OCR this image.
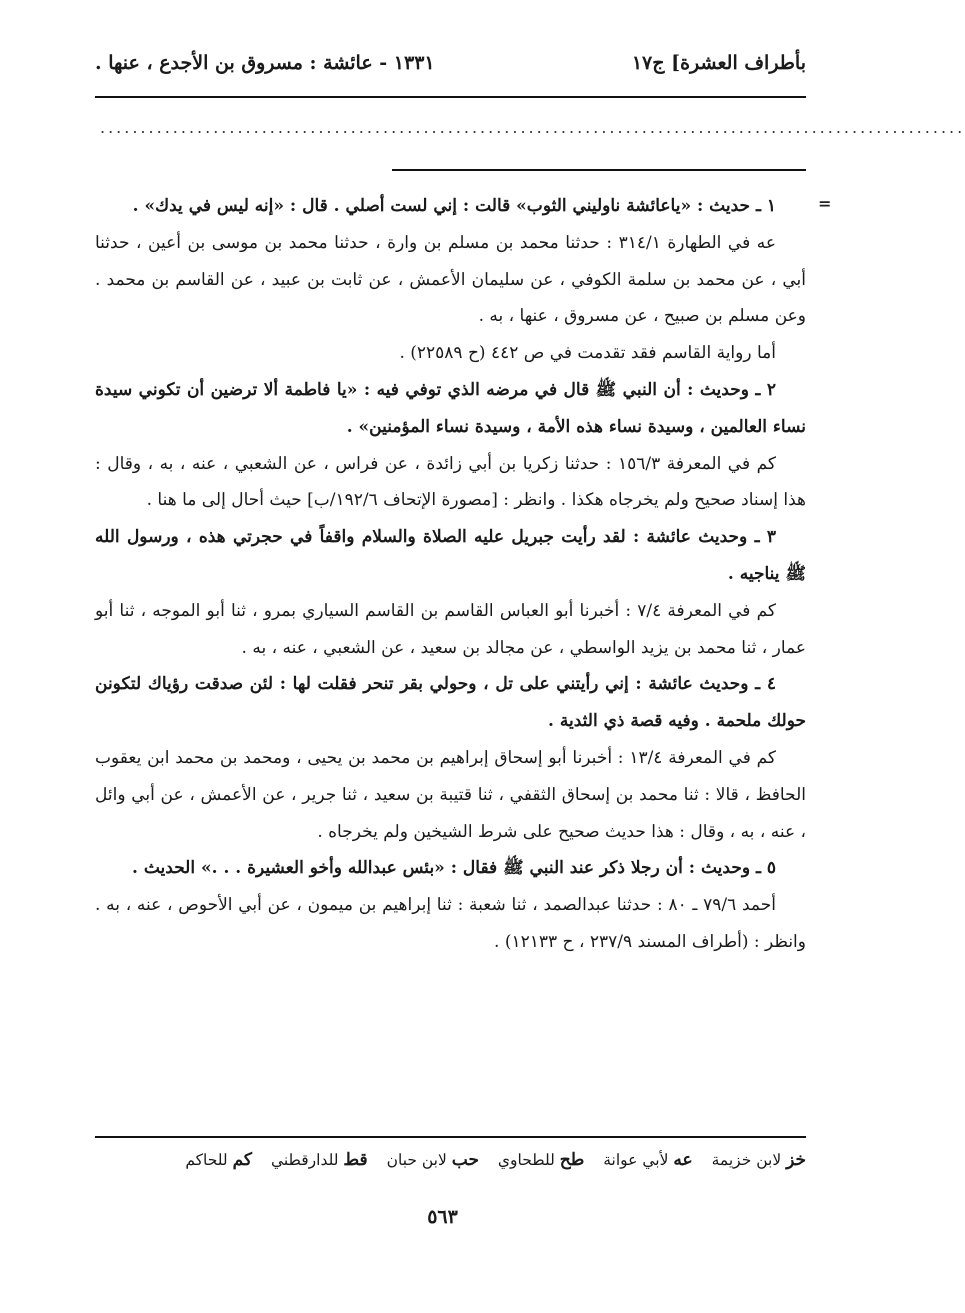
بأطراف العشرة] ج١٧
١٣٣١ - عائشة : مسروق بن الأجدع ، عنها .
...........................................................................................................
=

١ ـ حديث : «ياعائشة ناوليني الثوب» قالت : إني لست أصلي . قال : «إنه ليس في يدك» .

عه في الطهارة ٣١٤/١ : حدثنا محمد بن مسلم بن وارة ، حدثنا محمد بن موسى بن أعين ، حدثنا أبي ، عن محمد بن سلمة الكوفي ، عن سليمان الأعمش ، عن ثابت بن عبيد ، عن القاسم بن محمد . وعن مسلم بن صبيح ، عن مسروق ، عنها ، به .

أما رواية القاسم فقد تقدمت في ص ٤٤٢ (ح ٢٢٥٨٩) .

٢ ـ وحديث : أن النبي ﷺ قال في مرضه الذي توفي فيه : «يا فاطمة ألا ترضين أن تكوني سيدة نساء العالمين ، وسيدة نساء هذه الأمة ، وسيدة نساء المؤمنين» .

كم في المعرفة ١٥٦/٣ : حدثنا زكريا بن أبي زائدة ، عن فراس ، عن الشعبي ، عنه ، به ، وقال : هذا إسناد صحيح ولم يخرجاه هكذا . وانظر : [مصورة الإتحاف ١٩٢/٦/ب] حيث أحال إلى ما هنا .

٣ ـ وحديث عائشة : لقد رأيت جبريل عليه الصلاة والسلام واقفاً في حجرتي هذه ، ورسول الله ﷺ يناجيه .

كم في المعرفة ٧/٤ : أخبرنا أبو العباس القاسم بن القاسم السياري بمرو ، ثنا أبو الموجه ، ثنا أبو عمار ، ثنا محمد بن يزيد الواسطي ، عن مجالد بن سعيد ، عن الشعبي ، عنه ، به .

٤ ـ وحديث عائشة : إني رأيتني على تل ، وحولي بقر تنحر فقلت لها : لئن صدقت رؤياك لتكونن حولك ملحمة . وفيه قصة ذي الثدية .

كم في المعرفة ١٣/٤ : أخبرنا أبو إسحاق إبراهيم بن محمد بن يحيى ، ومحمد بن محمد ابن يعقوب الحافظ ، قالا : ثنا محمد بن إسحاق الثقفي ، ثنا قتيبة بن سعيد ، ثنا جرير ، عن الأعمش ، عن أبي وائل ، عنه ، به ، وقال : هذا حديث صحيح على شرط الشيخين ولم يخرجاه .

٥ ـ وحديث : أن رجلا ذكر عند النبي ﷺ فقال : «بئس عبدالله وأخو العشيرة . . .» الحديث .

أحمد ٧٩/٦ ـ ٨٠ : حدثنا عبدالصمد ، ثنا شعبة : ثنا إبراهيم بن ميمون ، عن أبي الأحوص ، عنه ، به . وانظر : (أطراف المسند ٢٣٧/٩ ، ح ١٢١٣٣) .

خز لابن خزيمة عه لأبي عوانة طح للطحاوي حب لابن حبان قط للدارقطني كم للحاكم
٥٦٣
